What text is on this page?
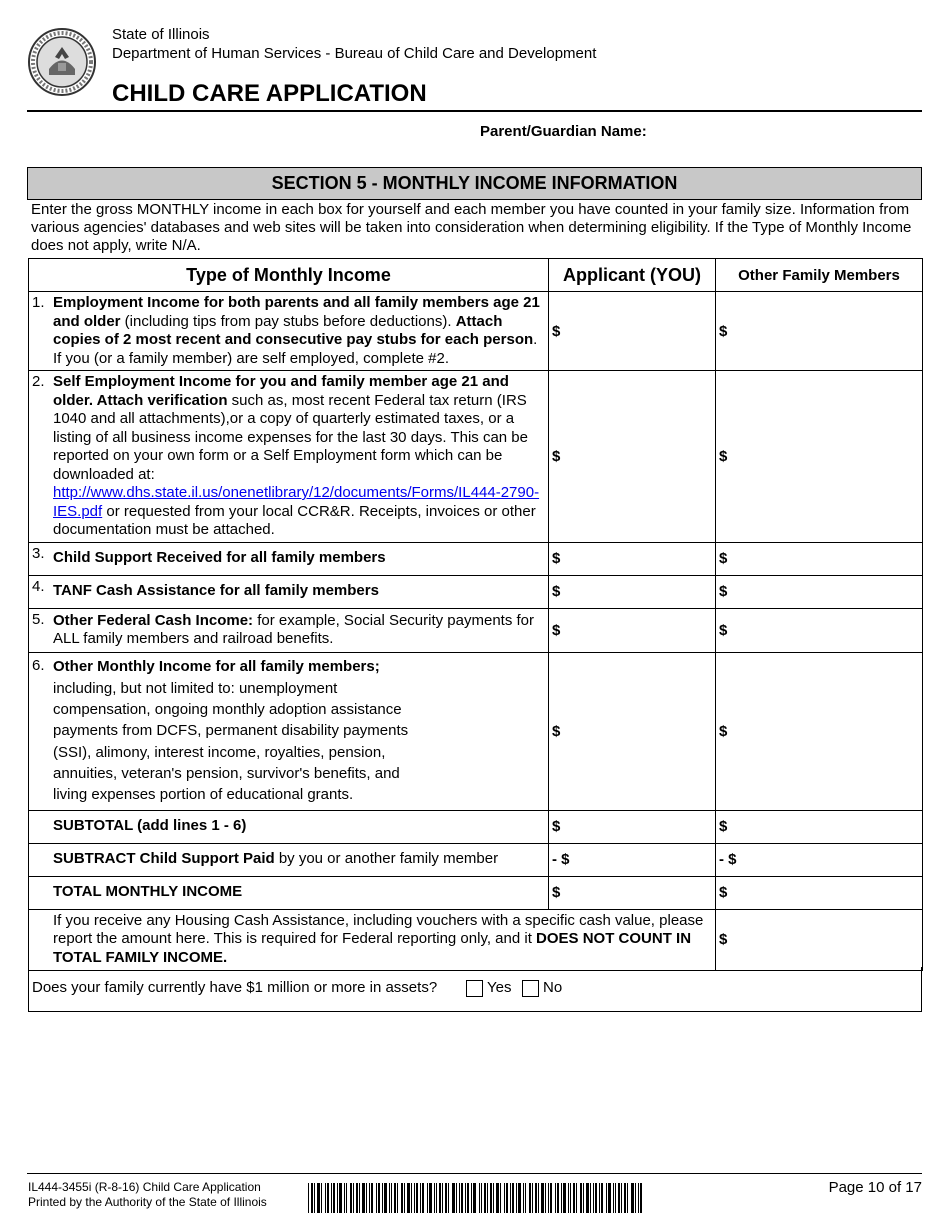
State of Illinois
Department of Human Services - Bureau of Child Care and Development
CHILD CARE APPLICATION
Parent/Guardian Name:
SECTION 5 - MONTHLY INCOME INFORMATION
Enter the gross MONTHLY income in each box for yourself and each member you have counted in your family size. Information from various agencies' databases and web sites will be taken into consideration when determining eligibility. If the Type of Monthly Income does not apply, write N/A.
Type of Monthly Income	Applicant (YOU)	Other Family Members

1. Employment Income for both parents and all family members age 21 and older (including tips from pay stubs before deductions). Attach copies of 2 most recent and consecutive pay stubs for each person. If you (or a family member) are self employed, complete #2.	$	$

2. Self Employment Income for you and family member age 21 and older. Attach verification such as, most recent Federal tax return (IRS 1040 and all attachments),or a copy of quarterly estimated taxes, or a listing of all business income expenses for the last 30 days. This can be reported on your own form or a Self Employment form which can be downloaded at: http://www.dhs.state.il.us/onenetlibrary/12/documents/Forms/IL444-2790-IES.pdf or requested from your local CCR&R. Receipts, invoices or other documentation must be attached.	$	$

3. Child Support Received for all family members	$	$

4. TANF Cash Assistance for all family members	$	$

5. Other Federal Cash Income: for example, Social Security payments for ALL family members and railroad benefits.	$	$

6. Other Monthly Income for all family members; including, but not limited to: unemployment compensation, ongoing monthly adoption assistance payments from DCFS, permanent disability payments (SSI), alimony, interest income, royalties, pension, annuities, veteran's pension, survivor's benefits, and living expenses portion of educational grants.	$	$
SUBTOTAL (add lines 1 - 6)	$	$
SUBTRACT Child Support Paid by you or another family member	- $	- $
TOTAL MONTHLY INCOME	$	$
If you receive any Housing Cash Assistance, including vouchers with a specific cash value, please report the amount here. This is required for Federal reporting only, and it DOES NOT COUNT IN TOTAL FAMILY INCOME.		$
Does your family currently have $1 million or more in assets?	Yes No
IL444-3455i (R-8-16) Child Care Application
Printed by the Authority of the State of Illinois
Page 10 of 17
